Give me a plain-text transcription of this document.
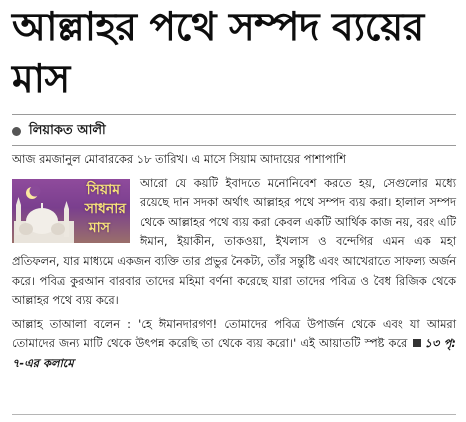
আল্লাহর পথে সম্পদ ব্যয়ের মাস
লিয়াকত আলী

আজ রমজানুল মোবারকের ১৮ তারিখ। এ মাসে সিয়াম আদায়ের পাশাপাশি

সিয়াম
সাধনার
মাস

আরো যে কয়টি ইবাদতে মনোনিবেশ করতে হয়, সেগুলোর মধ্যে রয়েছে দান সদকা অর্থাৎ আল্লাহর পথে সম্পদ ব্যয় করা। হালাল সম্পদ থেকে আল্লাহর পথে ব্যয় করা কেবল একটি আর্থিক কাজ নয়, বরং এটি ঈমান, ইয়াকীন, তাকওয়া, ইখলাস ও বন্দেগির এমন এক মহা প্রতিফলন, যার মাধ্যমে একজন ব্যক্তি তার প্রভুর নৈকট্য, তাঁর সন্তুষ্টি এবং আখেরাতে সাফল্য অর্জন করে। পবিত্র কুরআন বারবার তাদের মহিমা বর্ণনা করেছে যারা তাদের পবিত্র ও বৈধ রিজিক থেকে আল্লাহর পথে ব্যয় করে।

আল্লাহ তাআলা বলেন : 'হে ঈমানদারগণ! তোমাদের পবিত্র উপার্জন থেকে এবং যা আমরা তোমাদের জন্য মাটি থেকে উৎপন্ন করেছি তা থেকে ব্যয় করো।' এই আয়াতটি স্পষ্ট করে ১৩ পৃ: ৭-এর কলামে
